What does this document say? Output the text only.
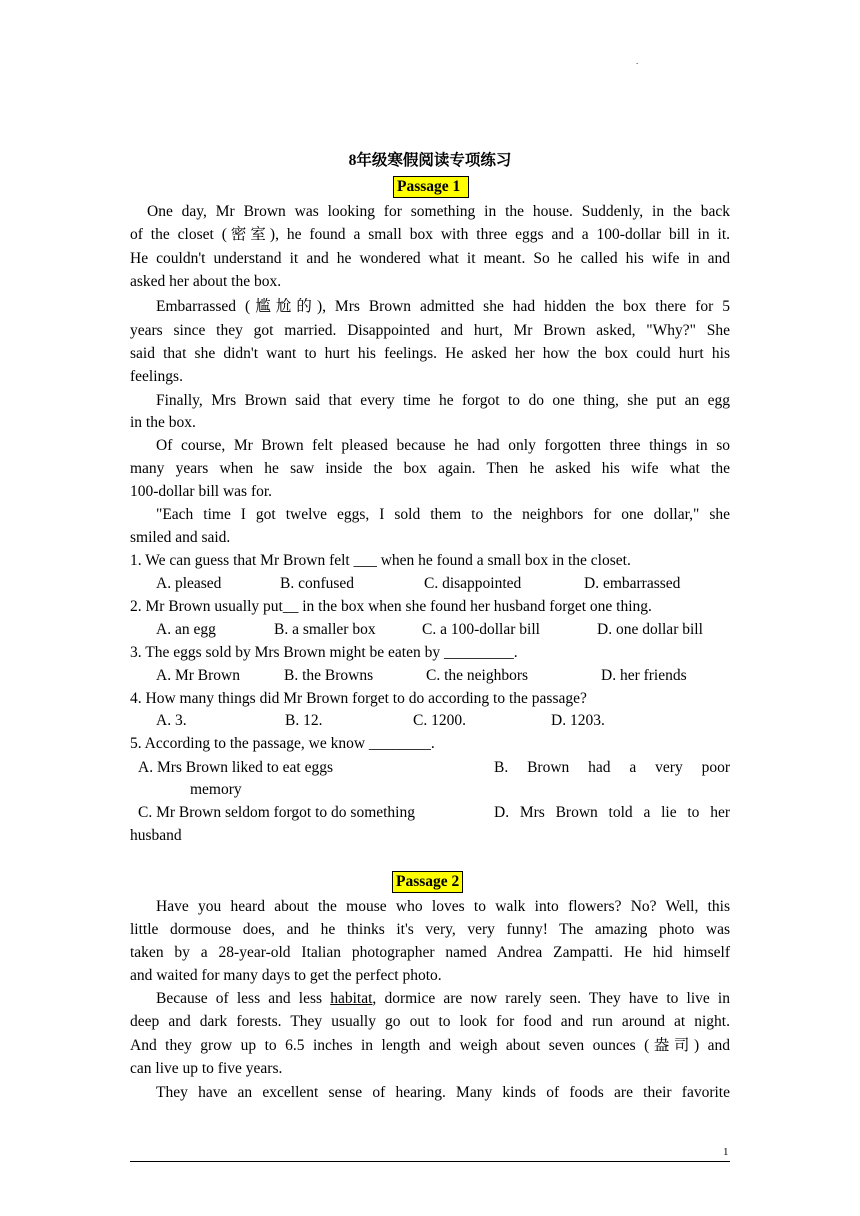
.
8年级寒假阅读专项练习
Passage 1
One day, Mr Brown was looking for something in the house. Suddenly, in the back

of the closet (密室), he found a small box with three eggs and a 100-dollar bill in it.
He couldn't understand it and he wondered what it meant. So he called his wife in and
asked her about the box.
Embarrassed (尴尬的), Mrs Brown admitted she had hidden the box there for 5
years since they got married. Disappointed and hurt, Mr Brown asked, "Why?" She
said that she didn't want to hurt his feelings. He asked her how the box could hurt his
feelings.
Finally, Mrs Brown said that every time he forgot to do one thing, she put an egg
in the box.
Of course, Mr Brown felt pleased because he had only forgotten three things in so
many years when he saw inside the box again. Then he asked his wife what the
100-dollar bill was for.
"Each time I got twelve eggs, I sold them to the neighbors for one dollar," she
smiled and said.
1. We can guess that Mr Brown felt ___ when he found a small box in the closet.
A. pleased	B. confused	C. disappointed	D. embarrassed
2. Mr Brown usually put__ in the box when she found her husband forget one thing.
A. an egg	B. a smaller box	C. a 100-dollar bill	D. one dollar bill
3. The eggs sold by Mrs Brown might be eaten by _________.
A. Mr Brown	B. the Browns	C. the neighbors	D. her friends
4. How many things did Mr Brown forget to do according to the passage?
A. 3.	B. 12.	C. 1200.	D. 1203.
5. According to the passage, we know ________.
A. Mrs Brown liked to eat eggs	B.  Brown  had  a  very  poor
memory
C. Mr Brown seldom forgot to do something	D.  Mrs  Brown  told  a  lie  to  her
husband
Passage 2
Have you heard about the mouse who loves to walk into flowers? No? Well, this
little dormouse does, and he thinks it's very, very funny! The amazing photo was
taken by a 28-year-old Italian photographer named Andrea Zampatti. He hid himself
and waited for many days to get the perfect photo.
Because of less and less habitat, dormice are now rarely seen. They have to live in
deep and dark forests. They usually go out to look for food and run around at night.
And they grow up to 6.5 inches in length and weigh about seven ounces (盎司) and
can live up to five years.
They have an excellent sense of hearing. Many kinds of foods are their favorite
1
